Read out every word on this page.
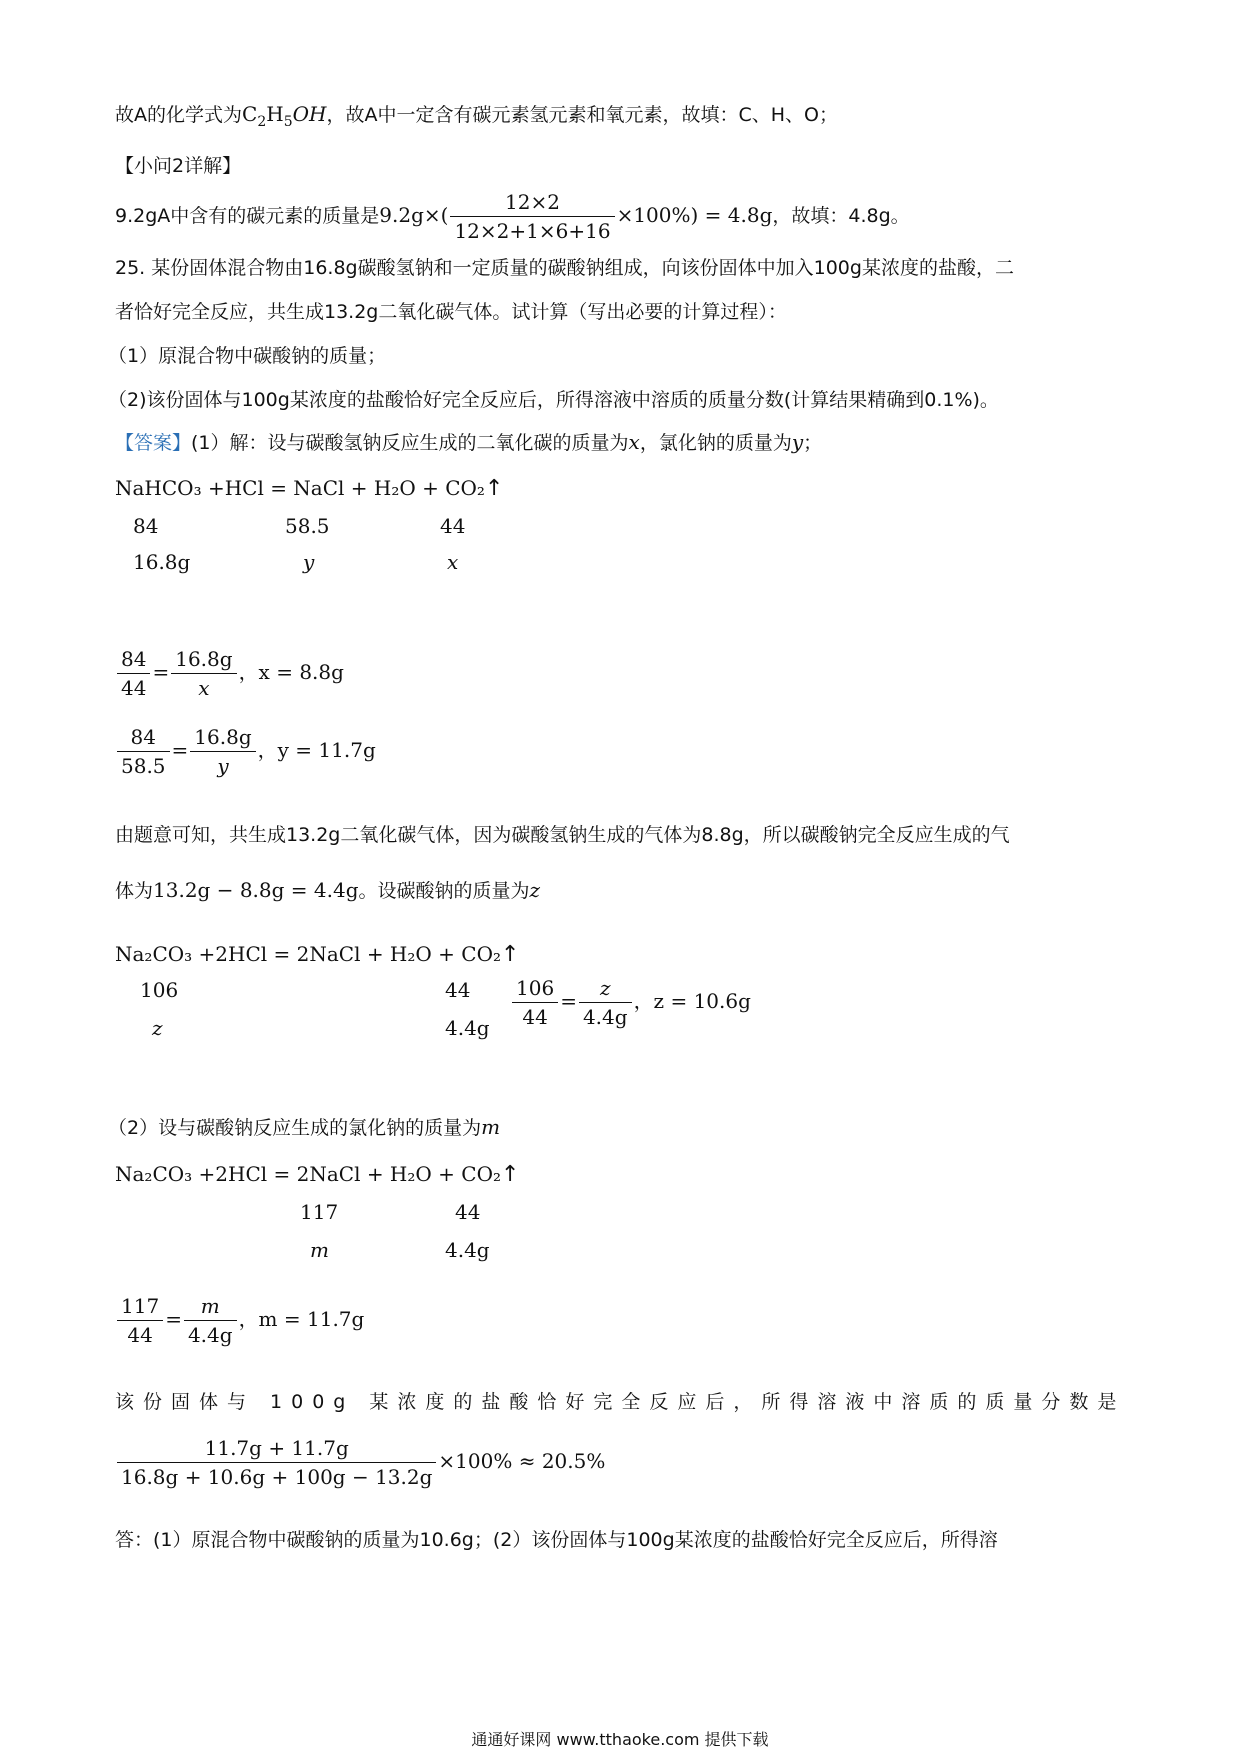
故A的化学式为$C_2H_5OH$，故A中一定含有碳元素氢元素和氧元素，故填：C、H、O；
【小问2详解】
9.2gA中含有的碳元素的质量是$9.2g\times( \frac{12\times 2}{12\times 2+1\times 6+16} \times 100\%) = 4.8g$，故填：4.8g。
25. 某份固体混合物由16.8g碳酸氢钠和一定质量的碳酸钠组成，向该份固体中加入100g某浓度的盐酸，二
者恰好完全反应，共生成13.2g二氧化碳气体。试计算（写出必要的计算过程）：
（1）原混合物中碳酸钠的质量；
（2)该份固体与100g某浓度的盐酸恰好完全反应后，所得溶液中溶质的质量分数(计算结果精确到0.1%)。
【答案】(1）解：设与碳酸氢钠反应生成的二氧化碳的质量为x，氯化钠的质量为y；
NaHCO₃ +HCl = NaCl + H₂O + CO₂↑
84	58.5	44
16.8g	y	x
$\frac{84}{44} = \frac{16.8g}{x}$ ，x = 8.8g
$\frac{84}{58.5} = \frac{16.8g}{y}$ ，y = 11.7g
由题意可知，共生成13.2g二氧化碳气体，因为碳酸氢钠生成的气体为8.8g，所以碳酸钠完全反应生成的气
体为13.2g − 8.8g = 4.4g。设碳酸钠的质量为z
Na₂CO₃ +2HCl = 2NaCl + H₂O + CO₂↑
106	44
z	$4.4g \frac{106}{44} = \frac{z}{4.4g}$ ，z = 10.6g
（2）设与碳酸钠反应生成的氯化钠的质量为m
Na₂CO₃ +2HCl = 2NaCl + H₂O + CO₂↑
117	44
m	4.4g
$\frac{117}{44} = \frac{m}{4.4g}$ ，m = 11.7g
该份固体与 100g 某浓度的盐酸恰好完全反应后，所得溶液中溶质的质量分数是
$\frac{11.7g + 11.7g}{16.8g + 10.6g + 100g - 13.2g} \times 100\% \approx 20.5\%$
答：(1）原混合物中碳酸钠的质量为10.6g；(2）该份固体与100g某浓度的盐酸恰好完全反应后，所得溶
通通好课网 www.tthaoke.com 提供下载
